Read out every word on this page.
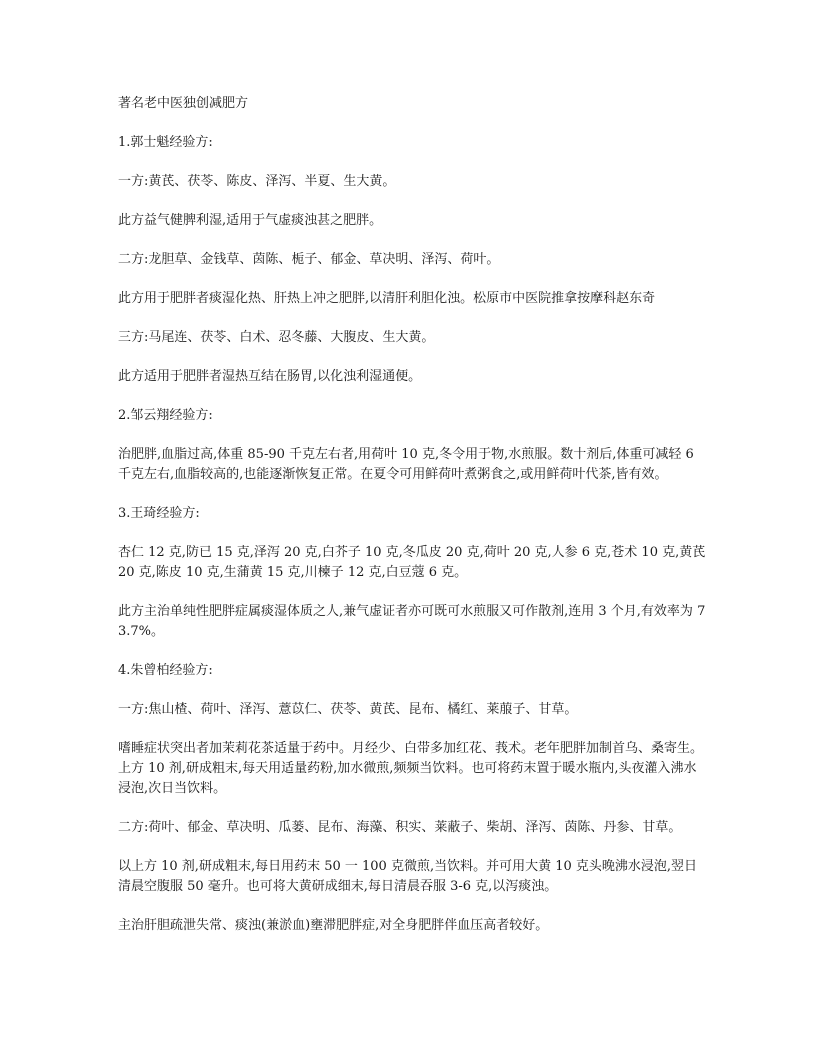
著名老中医独创减肥方

1.郭士魁经验方:

一方:黄芪、茯苓、陈皮、泽泻、半夏、生大黄。

此方益气健脾利湿,适用于气虚痰浊甚之肥胖。

二方:龙胆草、金钱草、茵陈、栀子、郁金、草决明、泽泻、荷叶。

此方用于肥胖者痰湿化热、肝热上冲之肥胖,以清肝利胆化浊。松原市中医院推拿按摩科赵东奇

三方:马尾连、茯苓、白术、忍冬藤、大腹皮、生大黄。

此方适用于肥胖者湿热互结在肠胃,以化浊利湿通便。

2.邹云翔经验方:

治肥胖,血脂过高,体重 85-90 千克左右者,用荷叶 10 克,冬令用于物,水煎服。数十剂后,体重可减轻 6 千克左右,血脂较高的,也能逐渐恢复正常。在夏令可用鲜荷叶煮粥食之,或用鲜荷叶代茶,皆有效。

3.王琦经验方:

杏仁 12 克,防已 15 克,泽泻 20 克,白芥子 10 克,冬瓜皮 20 克,荷叶 20 克,人参 6 克,苍术 10 克,黄芪 20 克,陈皮 10 克,生蒲黄 15 克,川楝子 12 克,白豆蔻 6 克。

此方主治单纯性肥胖症属痰湿体质之人,兼气虚证者亦可既可水煎服又可作散剂,连用 3 个月,有效率为 73.7%。

4.朱曾柏经验方:

一方:焦山楂、荷叶、泽泻、薏苡仁、茯苓、黄芪、昆布、橘红、莱菔子、甘草。

嗜睡症状突出者加茉莉花茶适量于药中。月经少、白带多加红花、莪术。老年肥胖加制首乌、桑寄生。上方 10 剂,研成粗末,每天用适量药粉,加水微煎,频频当饮料。也可将药末置于暖水瓶内,头夜灌入沸水浸泡,次日当饮料。

二方:荷叶、郁金、草决明、瓜蒌、昆布、海藻、积实、莱蔽子、柴胡、泽泻、茵陈、丹参、甘草。

以上方 10 剂,研成粗末,每日用药末 50 一 100 克微煎,当饮料。并可用大黄 10 克头晚沸水浸泡,翌日清晨空腹服 50 毫升。也可将大黄研成细末,每日清晨吞服 3-6 克,以泻痰浊。

主治肝胆疏泄失常、痰浊(兼淤血)壅滞肥胖症,对全身肥胖伴血压高者较好。
